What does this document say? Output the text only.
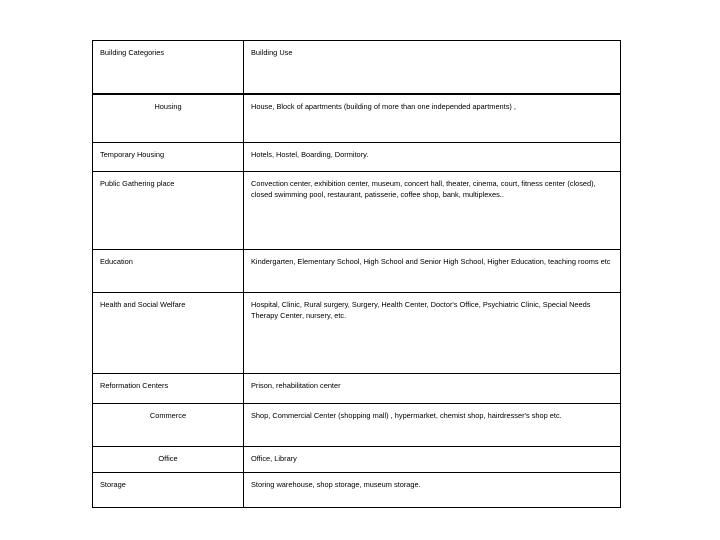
Building Categories	Building Use
Housing	House, Block of apartments (building of more than one independed apartments) ,
Temporary Housing	Hotels, Hostel, Boarding, Dormitory.
Public Gathering place	Convection center, exhibition center, museum, concert hall, theater, cinema, court, fitness center (closed), closed swimming pool, restaurant, patisserie, coffee shop, bank, multiplexes..
Education	Kindergarten, Elementary School, High School and Senior High School, Higher Education, teaching rooms etc
Health and Social Welfare	Hospital, Clinic, Rural surgery, Surgery, Health Center, Doctor's Office, Psychiatric Clinic, Special Needs Therapy Center, nursery, etc.
Reformation Centers	Prison, rehabilitation center
Commerce	Shop, Commercial Center (shopping mall) , hypermarket, chemist shop, hairdresser's shop etc.
Office	Office, Library
Storage	Storing warehouse, shop storage, museum storage.
